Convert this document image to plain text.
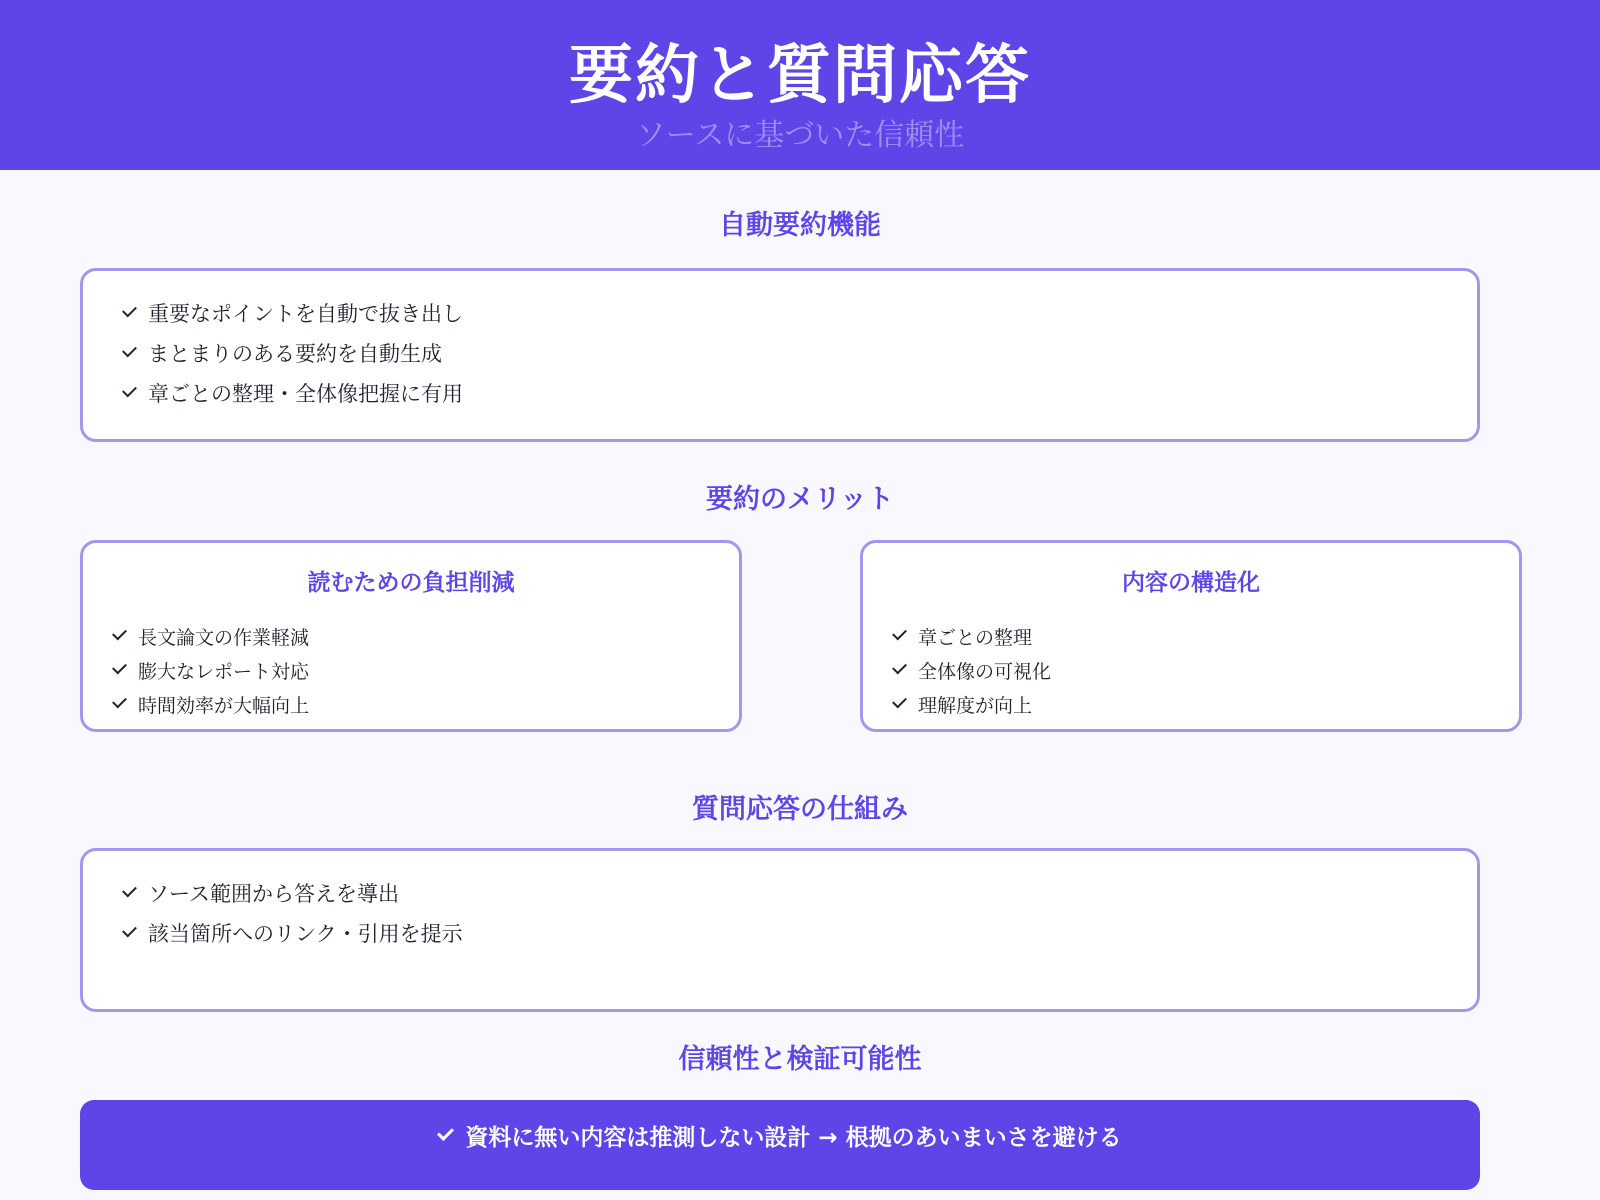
要約と質問応答
ソースに基づいた信頼性
自動要約機能
重要なポイントを自動で抜き出し
まとまりのある要約を自動生成
章ごとの整理・全体像把握に有用
要約のメリット
読むための負担削減
長文論文の作業軽減
膨大なレポート対応
時間効率が大幅向上
内容の構造化
章ごとの整理
全体像の可視化
理解度が向上
質問応答の仕組み
ソース範囲から答えを導出
該当箇所へのリンク・引用を提示
信頼性と検証可能性
資料に無い内容は推測しない設計 → 根拠のあいまいさを避ける
